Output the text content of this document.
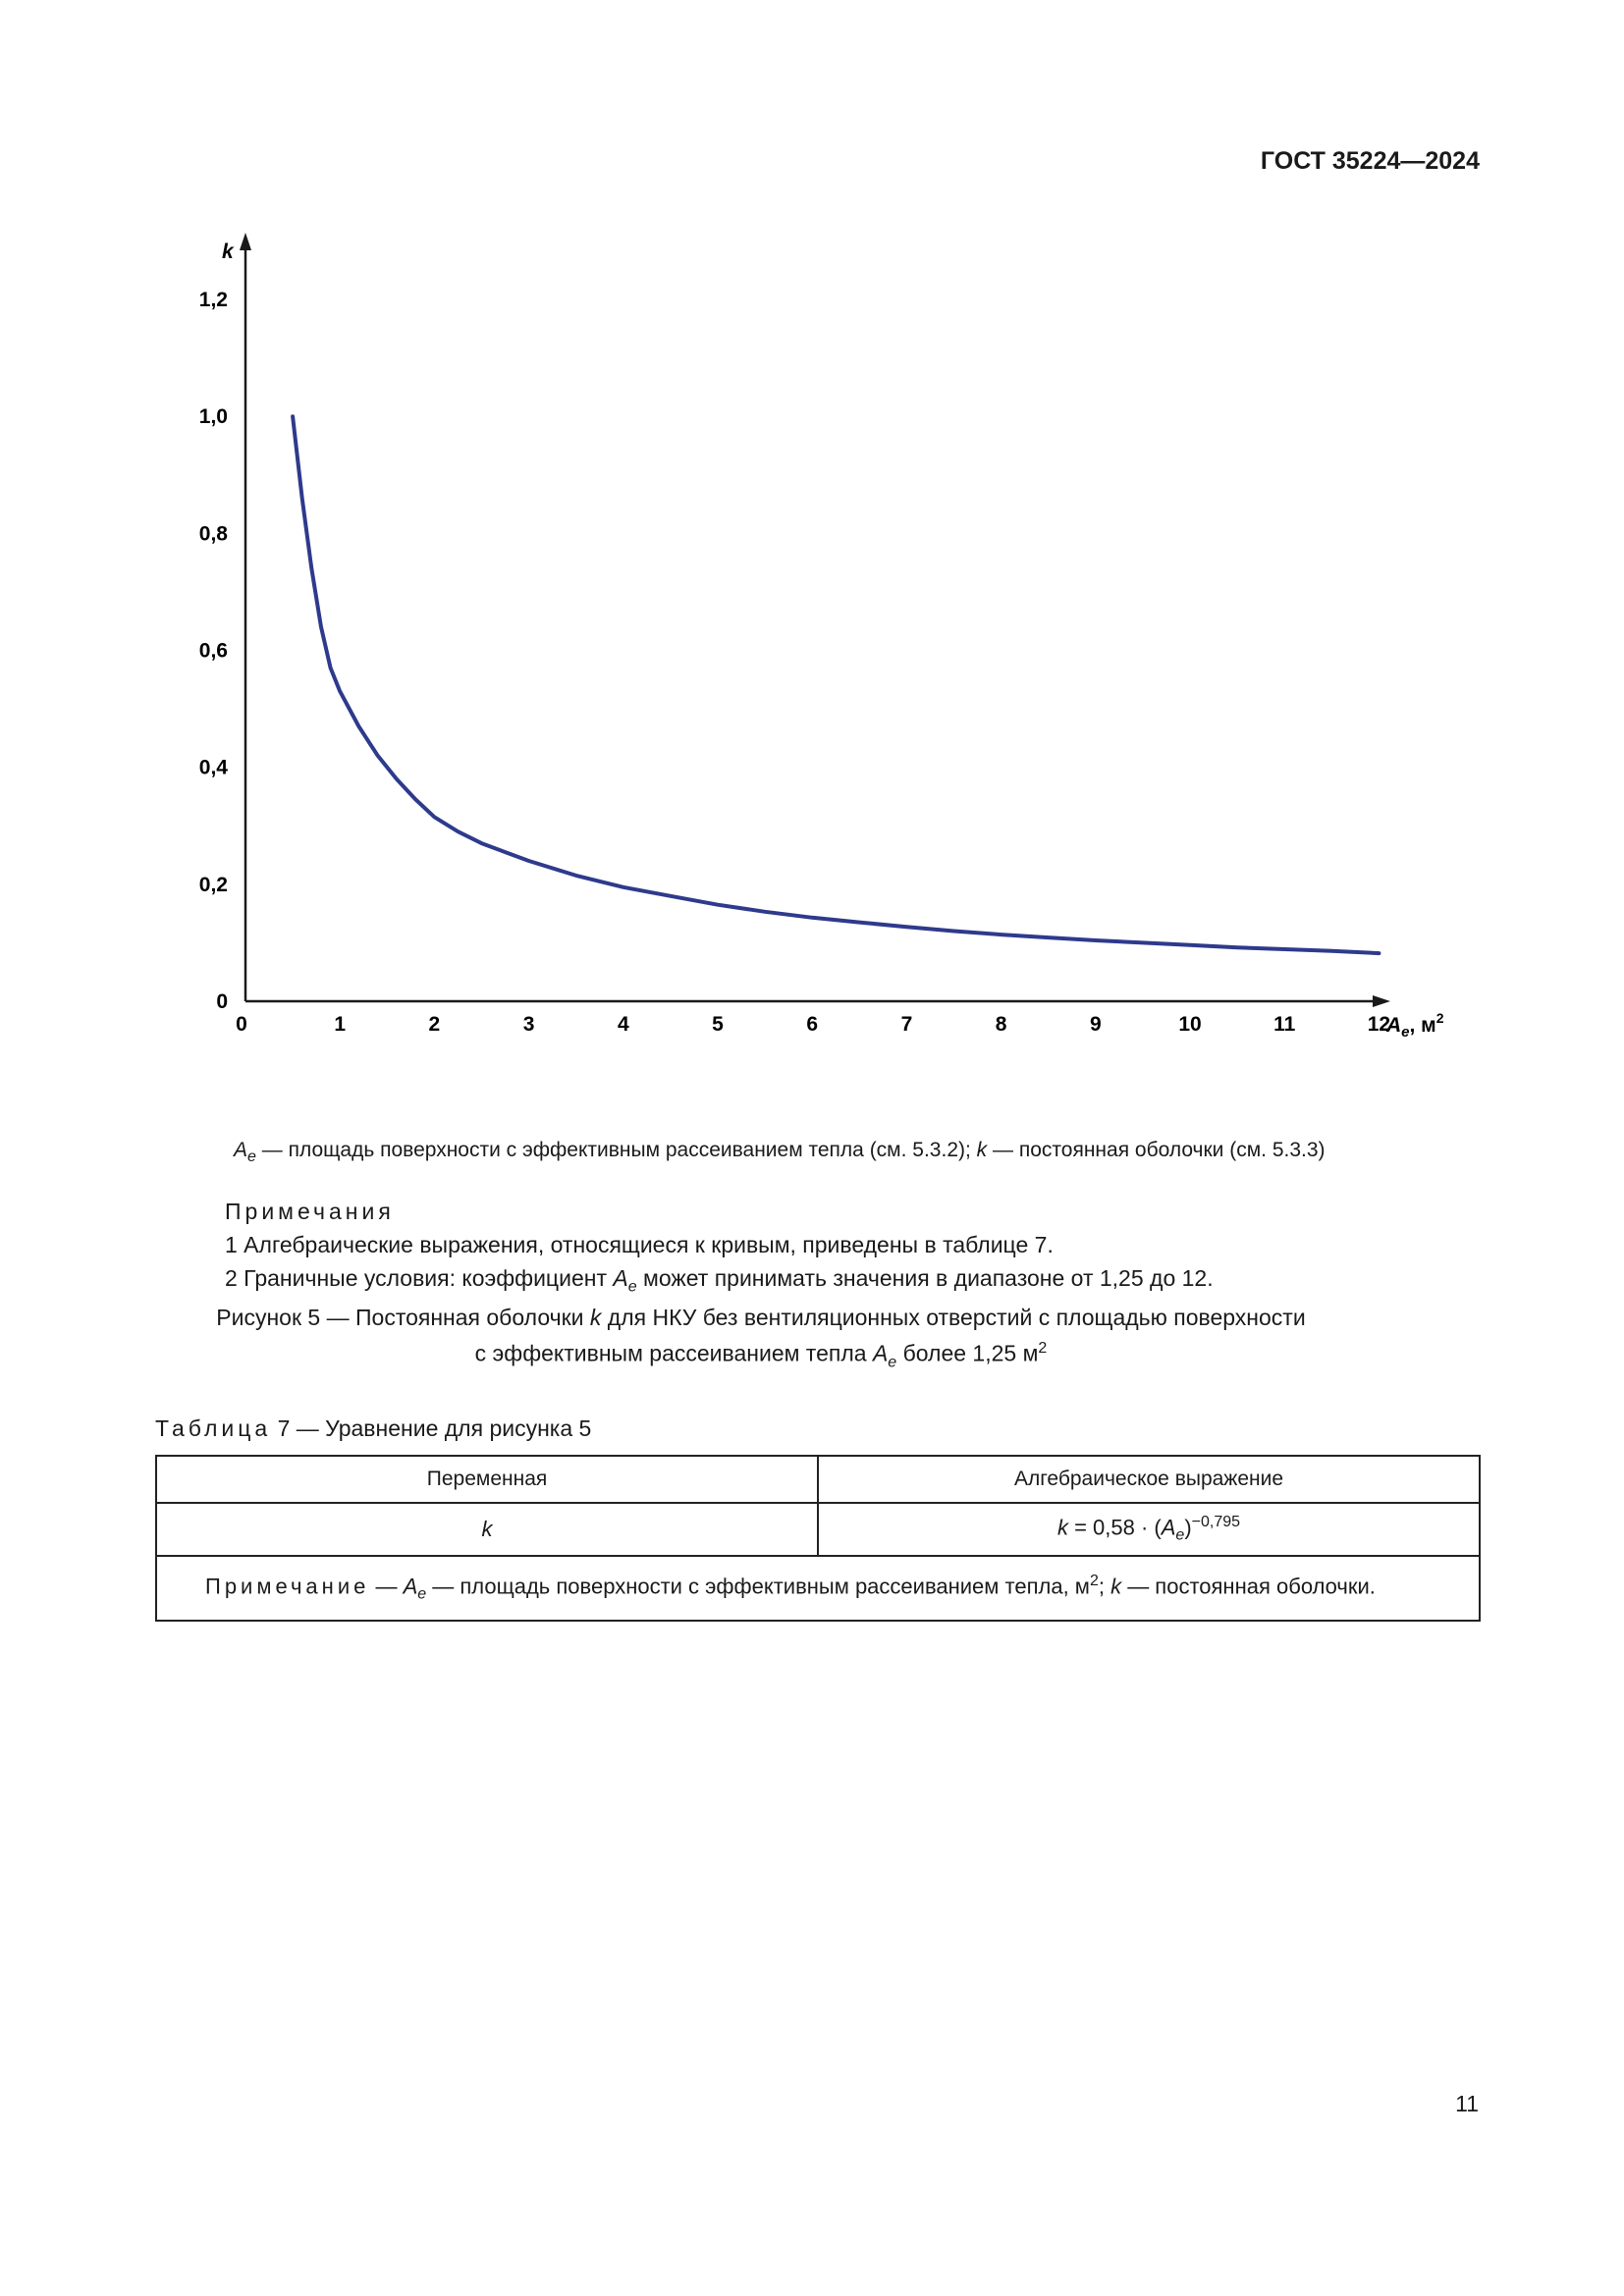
ГОСТ 35224—2024
0
0,2
0,4
0,6
0,8
1,0
1,2
0	1	2	3	4	5	6	7	8	9	10	11	12
k
$A_e$, $м^2$
$A_e$ — площадь поверхности с эффективным рассеиванием тепла (см. 5.3.2); k — постоянная оболочки (см. 5.3.3)
Примечания
1 Алгебраические выражения, относящиеся к кривым, приведены в таблице 7.
2 Граничные условия: коэффициент $A_e$ может принимать значения в диапазоне от 1,25 до 12.
Рисунок 5 — Постоянная оболочки k для НКУ без вентиляционных отверстий с площадью поверхности
с эффективным рассеиванием тепла $A_e$ более 1,25 $м^2$
Таблица 7 — Уравнение для рисунка 5
Переменная	Алгебраическое выражение
k	$k = 0,58 \cdot (A_e)^{-0,795}$
  Примечание — $A_e$ — площадь поверхности с эффективным рассеиванием тепла, $м^2$; k — постоянная оболочки.	
11
